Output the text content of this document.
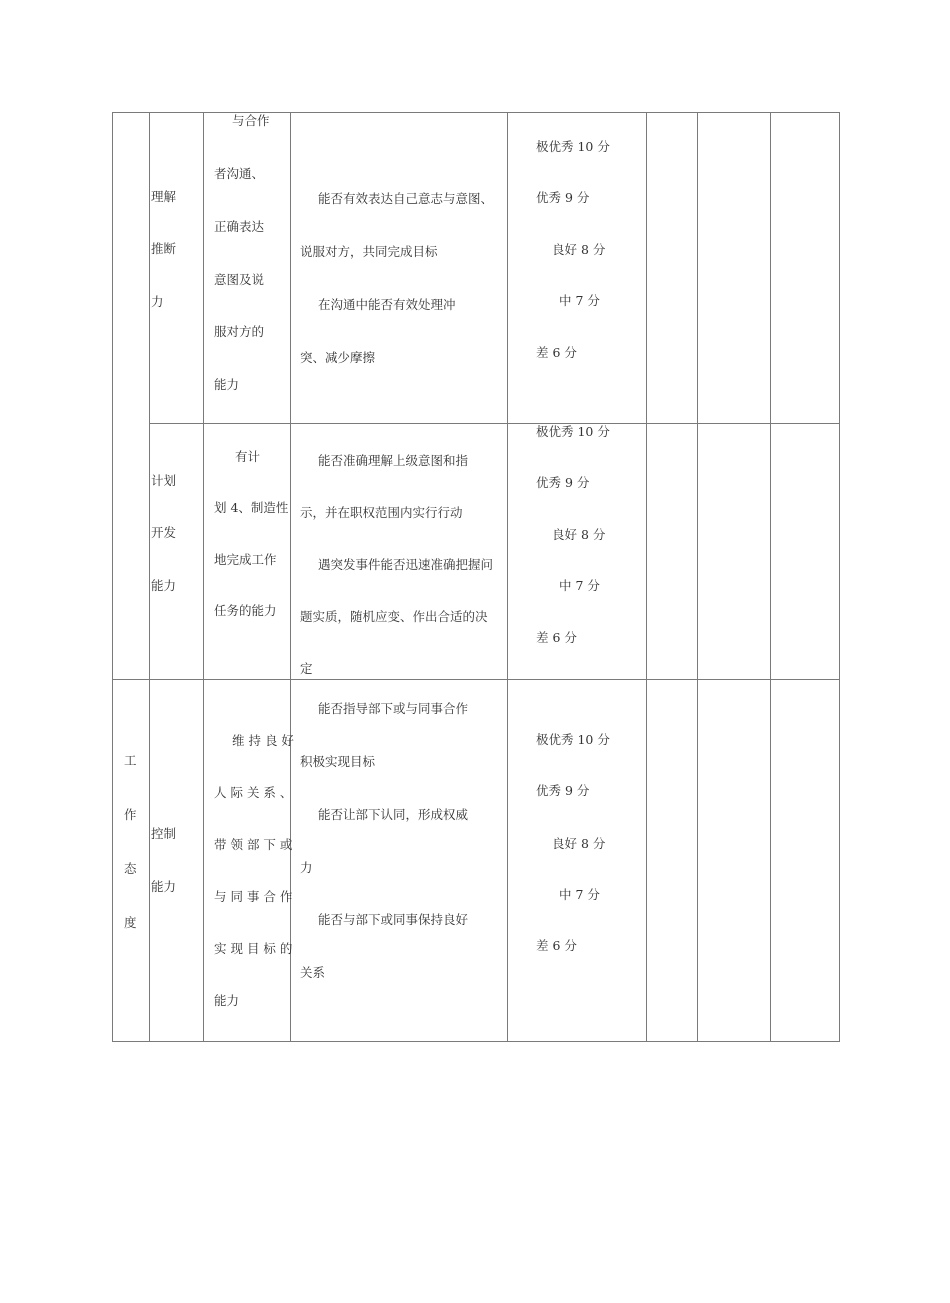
工
作
态
度
理解
推断
力
与合作
者沟通、
正确表达
意图及说
服对方的
能力
能否有效表达自己意志与意图、
说服对方，共同完成目标
在沟通中能否有效处理冲
突、减少摩擦
极优秀 10 分
优秀 9 分
良好 8 分
中 7 分
差 6 分
计划
开发
能力
有计
划 4、制造性
地完成工作
任务的能力
能否准确理解上级意图和指
示，并在职权范围内实行行动
遇突发事件能否迅速准确把握问
题实质，随机应变、作出合适的决
定
极优秀 10 分
优秀 9 分
良好 8 分
中 7 分
差 6 分
控制
能力
维 持 良 好
人 际 关 系 、
带 领 部 下 或
与 同 事 合 作
实 现 目 标 的
能力
能否指导部下或与同事合作
积极实现目标
能否让部下认同，形成权威
力
能否与部下或同事保持良好
关系
极优秀 10 分
优秀 9 分
良好 8 分
中 7 分
差 6 分
